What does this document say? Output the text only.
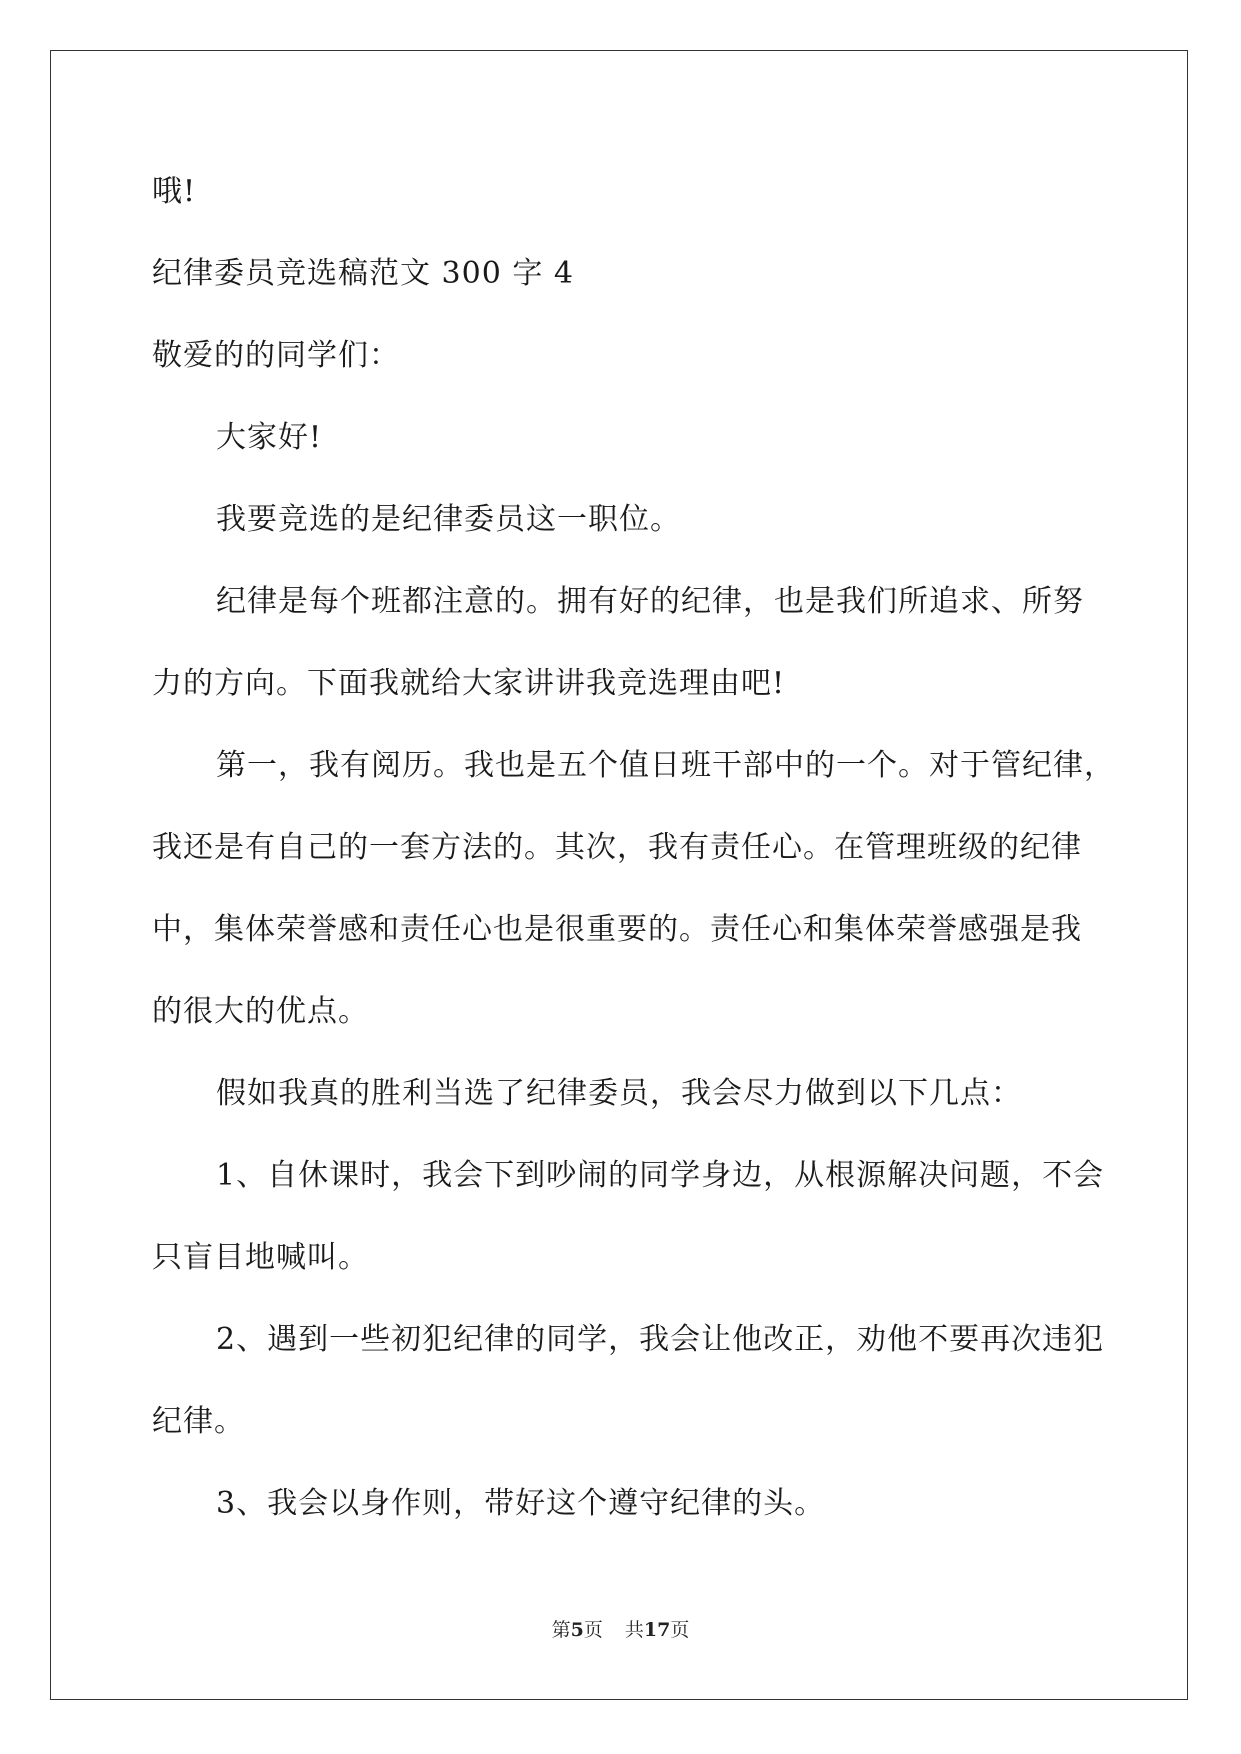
哦!
纪律委员竞选稿范文 300 字 4
敬爱的的同学们：
大家好!
我要竞选的是纪律委员这一职位。
纪律是每个班都注意的。拥有好的纪律，也是我们所追求、所努
力的方向。下面我就给大家讲讲我竞选理由吧!
第一，我有阅历。我也是五个值日班干部中的一个。对于管纪律，
我还是有自己的一套方法的。其次，我有责任心。在管理班级的纪律
中，集体荣誉感和责任心也是很重要的。责任心和集体荣誉感强是我
的很大的优点。
假如我真的胜利当选了纪律委员，我会尽力做到以下几点：
1、自休课时，我会下到吵闹的同学身边，从根源解决问题，不会
只盲目地喊叫。
2、遇到一些初犯纪律的同学，我会让他改正，劝他不要再次违犯
纪律。
3、我会以身作则，带好这个遵守纪律的头。
第5页 共17页
